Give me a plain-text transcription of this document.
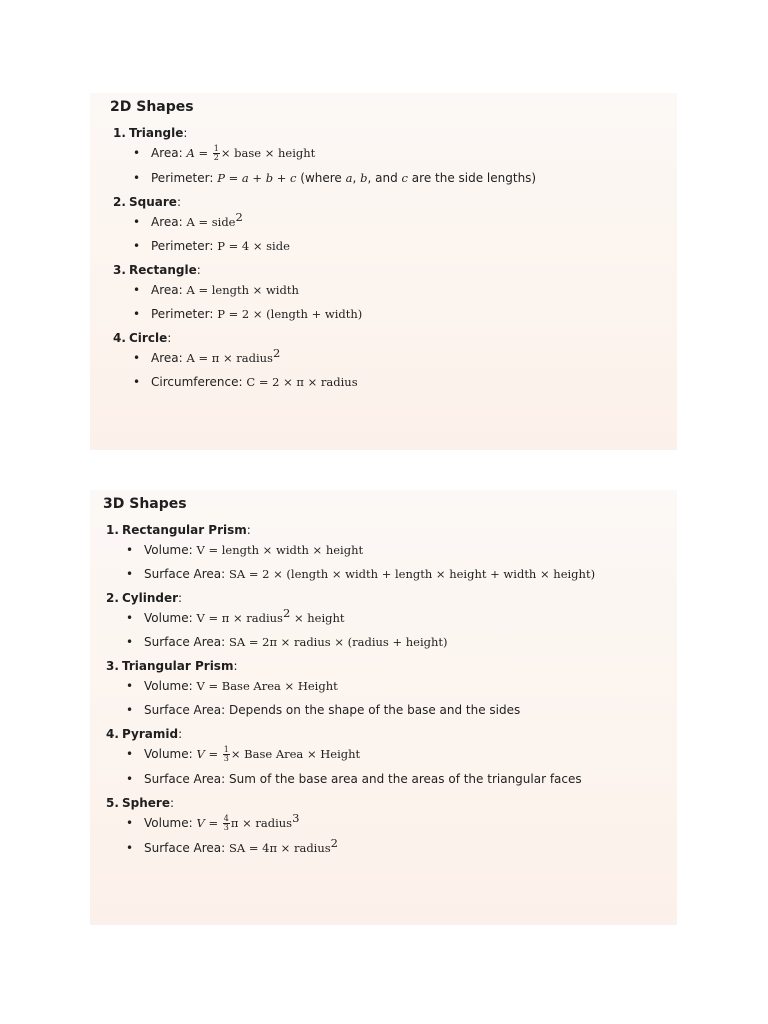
2D Shapes
1. Triangle:
• Area: $A = \frac{1}{2}$ × base × height
• Perimeter: P = a + b + c (where a, b, and c are the side lengths)
2. Square:
• Area: A = side$^2$
• Perimeter: P = 4 × side
3. Rectangle:
• Area: A = length × width
• Perimeter: P = 2 × (length + width)
4. Circle:
• Area: A = π × radius$^2$
• Circumference: C = 2 × π × radius
3D Shapes
1. Rectangular Prism:
• Volume: V = length × width × height
• Surface Area: SA = 2 × (length × width + length × height + width × height)
2. Cylinder:
• Volume: V = π × radius$^2$ × height
• Surface Area: SA = 2π × radius × (radius + height)
3. Triangular Prism:
• Volume: V = Base Area × Height
• Surface Area: Depends on the shape of the base and the sides
4. Pyramid:
• Volume: $V = \frac{1}{3}$ × Base Area × Height
• Surface Area: Sum of the base area and the areas of the triangular faces
5. Sphere:
• Volume: $V = \frac{4}{3}$ π × radius$^3$
• Surface Area: SA = 4π × radius$^2$
